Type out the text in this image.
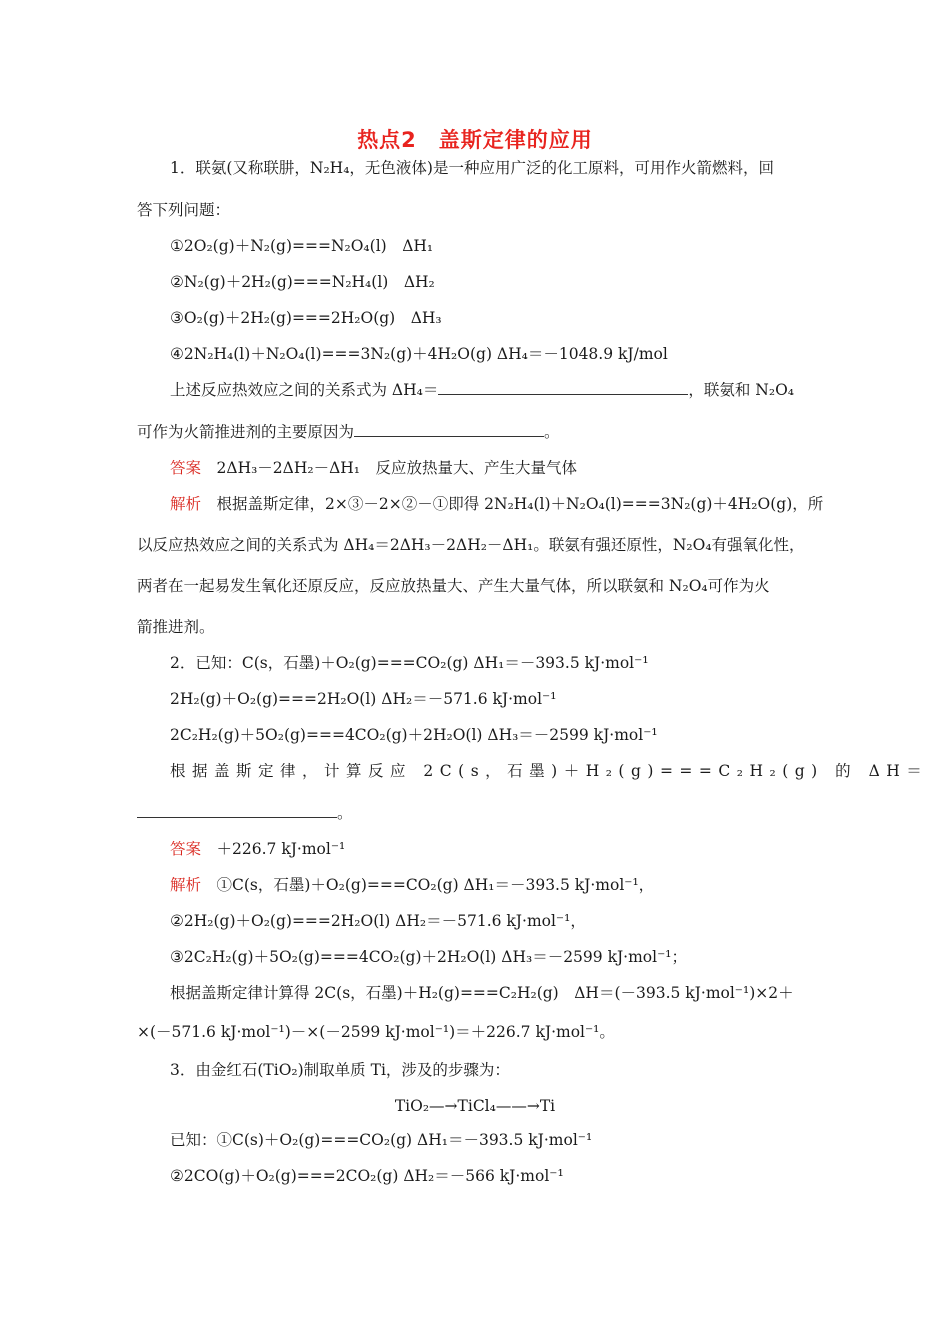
热点2　盖斯定律的应用
1．联氨(又称联肼，N₂H₄，无色液体)是一种应用广泛的化工原料，可用作火箭燃料，回
答下列问题：
①2O₂(g)＋N₂(g)===N₂O₄(l)　ΔH₁
②N₂(g)＋2H₂(g)===N₂H₄(l)　ΔH₂
③O₂(g)＋2H₂(g)===2H₂O(g)　ΔH₃
④2N₂H₄(l)＋N₂O₄(l)===3N₂(g)＋4H₂O(g) ΔH₄＝－1048.9 kJ/mol
上述反应热效应之间的关系式为 ΔH₄＝	，联氨和 N₂O₄
可作为火箭推进剂的主要原因为	。
答案　2ΔH₃－2ΔH₂－ΔH₁　反应放热量大、产生大量气体
解析　根据盖斯定律，2×③－2×②－①即得 2N₂H₄(l)＋N₂O₄(l)===3N₂(g)＋4H₂O(g)，所
以反应热效应之间的关系式为 ΔH₄＝2ΔH₃－2ΔH₂－ΔH₁。联氨有强还原性，N₂O₄有强氧化性，
两者在一起易发生氧化还原反应，反应放热量大、产生大量气体，所以联氨和 N₂O₄可作为火
箭推进剂。
2．已知：C(s，石墨)＋O₂(g)===CO₂(g) ΔH₁＝－393.5 kJ·mol⁻¹
2H₂(g)＋O₂(g)===2H₂O(l) ΔH₂＝－571.6 kJ·mol⁻¹
2C₂H₂(g)＋5O₂(g)===4CO₂(g)＋2H₂O(l) ΔH₃＝－2599 kJ·mol⁻¹
根据盖斯定律，计算反应 2C(s，石墨)＋H₂(g)===C₂H₂(g) 的 ΔH＝
。
答案　＋226.7 kJ·mol⁻¹
解析　①C(s，石墨)＋O₂(g)===CO₂(g) ΔH₁＝－393.5 kJ·mol⁻¹，
②2H₂(g)＋O₂(g)===2H₂O(l) ΔH₂＝－571.6 kJ·mol⁻¹，
③2C₂H₂(g)＋5O₂(g)===4CO₂(g)＋2H₂O(l) ΔH₃＝－2599 kJ·mol⁻¹；
根据盖斯定律计算得 2C(s，石墨)＋H₂(g)===C₂H₂(g)　ΔH＝(－393.5 kJ·mol⁻¹)×2＋
×(－571.6 kJ·mol⁻¹)－×(－2599 kJ·mol⁻¹)＝＋226.7 kJ·mol⁻¹。
3．由金红石(TiO₂)制取单质 Ti，涉及的步骤为：
TiO₂—→TiCl₄——→Ti
已知：①C(s)＋O₂(g)===CO₂(g) ΔH₁＝－393.5 kJ·mol⁻¹
②2CO(g)＋O₂(g)===2CO₂(g) ΔH₂＝－566 kJ·mol⁻¹
